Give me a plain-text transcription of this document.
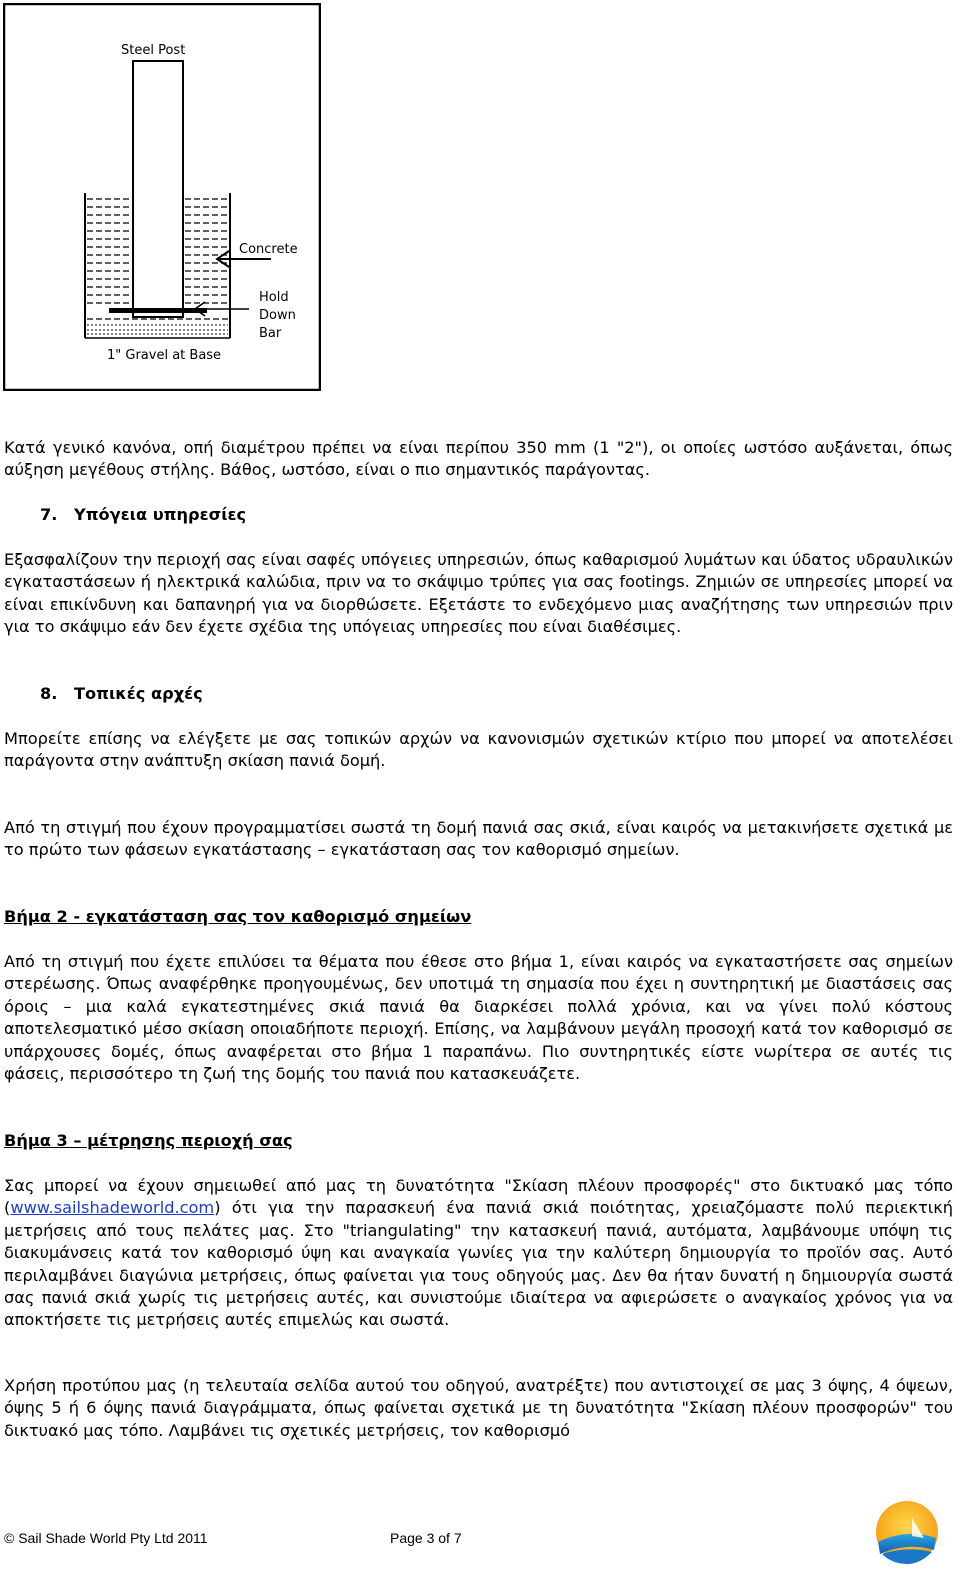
Steel Post
Concrete
Hold
Down
Bar
1" Gravel at Base

Κατά γενικό κανόνα, οπή διαμέτρου πρέπει να είναι περίπου 350 mm (1 "2"), οι οποίες ωστόσο αυξάνεται, όπως αύξηση μεγέθους στήλης. Βάθος, ωστόσο, είναι ο πιο σημαντικός παράγοντας.

7. Υπόγεια υπηρεσίες

Εξασφαλίζουν την περιοχή σας είναι σαφές υπόγειες υπηρεσιών, όπως καθαρισμού λυμάτων και ύδατος υδραυλικών εγκαταστάσεων ή ηλεκτρικά καλώδια, πριν να το σκάψιμο τρύπες για σας footings. Ζημιών σε υπηρεσίες μπορεί να είναι επικίνδυνη και δαπανηρή για να διορθώσετε. Εξετάστε το ενδεχόμενο μιας αναζήτησης των υπηρεσιών πριν για το σκάψιμο εάν δεν έχετε σχέδια της υπόγειας υπηρεσίες που είναι διαθέσιμες.

8. Τοπικές αρχές

Μπορείτε επίσης να ελέγξετε με σας τοπικών αρχών να κανονισμών σχετικών κτίριο που μπορεί να αποτελέσει παράγοντα στην ανάπτυξη σκίαση πανιά δομή.

Από τη στιγμή που έχουν προγραμματίσει σωστά τη δομή πανιά σας σκιά, είναι καιρός να μετακινήσετε σχετικά με το πρώτο των φάσεων εγκατάστασης – εγκατάσταση σας τον καθορισμό σημείων.

Βήμα 2 - εγκατάσταση σας τον καθορισμό σημείων

Από τη στιγμή που έχετε επιλύσει τα θέματα που έθεσε στο βήμα 1, είναι καιρός να εγκαταστήσετε σας σημείων στερέωσης. Όπως αναφέρθηκε προηγουμένως, δεν υποτιμά τη σημασία που έχει η συντηρητική με διαστάσεις σας όροις – μια καλά εγκατεστημένες σκιά πανιά θα διαρκέσει πολλά χρόνια, και να γίνει πολύ κόστους αποτελεσματικό μέσο σκίαση οποιαδήποτε περιοχή. Επίσης, να λαμβάνουν μεγάλη προσοχή κατά τον καθορισμό σε υπάρχουσες δομές, όπως αναφέρεται στο βήμα 1 παραπάνω. Πιο συντηρητικές είστε νωρίτερα σε αυτές τις φάσεις, περισσότερο τη ζωή της δομής του πανιά που κατασκευάζετε.

Βήμα 3 – μέτρησης περιοχή σας

Σας μπορεί να έχουν σημειωθεί από μας τη δυνατότητα "Σκίαση πλέουν προσφορές" στο δικτυακό μας τόπο (www.sailshadeworld.com) ότι για την παρασκευή ένα πανιά σκιά ποιότητας, χρειαζόμαστε πολύ περιεκτική μετρήσεις από τους πελάτες μας. Στο "triangulating" την κατασκευή πανιά, αυτόματα, λαμβάνουμε υπόψη τις διακυμάνσεις κατά τον καθορισμό ύψη και αναγκαία γωνίες για την καλύτερη δημιουργία το προϊόν σας. Αυτό περιλαμβάνει διαγώνια μετρήσεις, όπως φαίνεται για τους οδηγούς μας. Δεν θα ήταν δυνατή η δημιουργία σωστά σας πανιά σκιά χωρίς τις μετρήσεις αυτές, και συνιστούμε ιδιαίτερα να αφιερώσετε ο αναγκαίος χρόνος για να αποκτήσετε τις μετρήσεις αυτές επιμελώς και σωστά.

Χρήση προτύπου μας (η τελευταία σελίδα αυτού του οδηγού, ανατρέξτε) που αντιστοιχεί σε μας 3 όψης, 4 όψεων, όψης 5 ή 6 όψης πανιά διαγράμματα, όπως φαίνεται σχετικά με τη δυνατότητα "Σκίαση πλέουν προσφορών" του δικτυακό μας τόπο. Λαμβάνει τις σχετικές μετρήσεις, τον καθορισμό

© Sail Shade World Pty Ltd 2011	Page 3 of 7
